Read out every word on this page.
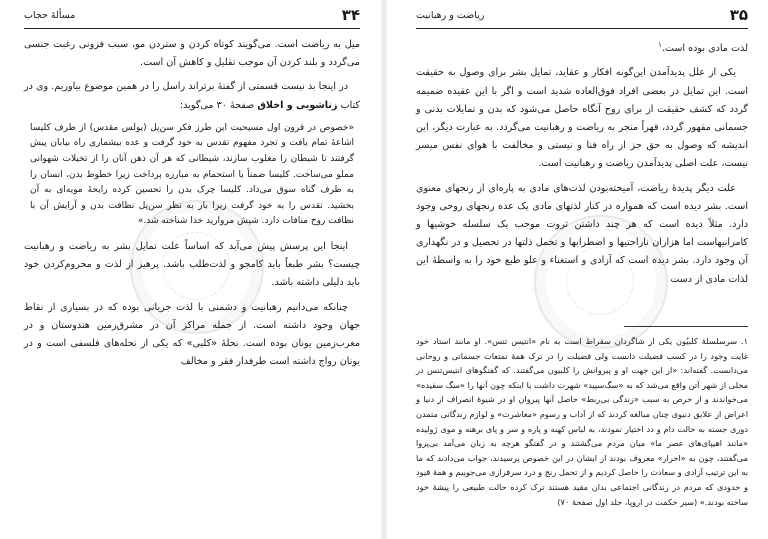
۳۴
مسألهٔ حجاب

میل به ریاضت است. می‌گویند کوتاه کردن و ستردن مو، سبب فزونی رغبت جنسی می‌گردد و بلند کردن آن موجب تقلیل و کاهش آن است.

در اینجا بد نیست قسمتی از گفتهٔ برتراند راسل را در همین موضوع بیاوریم. وی در کتاب زناشویی و اخلاق صفحهٔ ۳۰ می‌گوید:

«خصوص در قرون اول مسیحیت این طرز فکر سن‌پل (پولس مقدس) از طرف کلیسا اشاعهٔ تمام یافت و تجرد مفهوم تقدس به خود گرفت و عده بیشماری راه بیابان پیش گرفتند تا شیطان را مغلوب سازند، شیطانی که هر آن ذهن آنان را از تخیلات شهوانی مملو می‌ساخت. کلیسا ضمناً با استحمام به مبارزه پرداخت زیرا خطوط بدن، انسان را به طرف گناه سوق می‌داد. کلیسا چرک بدن را تحسین کرده رایحهٔ مویه‌ای به آن بخشید. تقدس را به خود گرفت زیرا باز به نظر سن‌پل نظافت بدن و آرایش آن با نظافت روح منافات دارد. شپش مروارید خدا شناخته شد.»

اینجا این پرسش پیش می‌آید که اساساً علت تمایل بشر به ریاضت و رهبانیت چیست؟ بشر طبعاً باید کامجو و لذت‌طلب باشد. پرهیز از لذت و محروم‌کردن خود باید دلیلی داشته باشد.

چنانکه می‌دانیم رهبانیت و دشمنی با لذت جریانی بوده که در بسیاری از نقاط جهان وجود داشته است. از جمله مراکز آن در مشرق‌زمین هندوستان و در مغرب‌زمین یونان بوده است. نحلهٔ «کلبی» که یکی از نحله‌های فلسفی است و در یونان رواج داشته است طرفدار فقر و مخالف

۳۵
ریاضت و رهبانیت

لذت مادی بوده است.$^۱$

یکی از علل پدیدآمدن این‌گونه افکار و عقاید، تمایل بشر برای وصول به حقیقت است. این تمایل در بعضی افراد فوق‌العاده شدید است و اگر با این عقیده ضمیمه گردد که کشف حقیقت از برای روح آنگاه حاصل می‌شود که بدن و تمایلات بدنی و جسمانی مقهور گردد، قهراً منجر به ریاضت و رهبانیت می‌گردد. به عبارت دیگر، این اندیشه که وصول به حق جز از راه فنا و نیستی و مخالفت با هوای نفس میسر نیست، علت اصلی پدیدآمدن ریاضت و رهبانیت است.

علت دیگر پدیدهٔ ریاضت، آمیخته‌بودن لذت‌های مادی به پاره‌ای از رنجهای معنوی است. بشر دیده است که همواره در کنار لذتهای مادی یک عده رنجهای روحی وجود دارد. مثلاً دیده است که هر چند داشتن ثروت موجب یک سلسله خوشیها و کامرانیهاست اما هزاران ناراحتیها و اضطرابها و تحمل ذلتها در تحصیل و در نگهداری آن وجود دارد. بشر دیده است که آزادی و استغناء و علو طبع خود را به واسطهٔ این لذات مادی از دست

۱. سرسلسلهٔ کلبیُون یکی از شاگردان سقراط است به نام «انتیس ‌تنس». او مانند استاد خود غایت وجود را در کسب فضیلت دانست ولی فضیلت را در ترک همهٔ تمتعات جسمانی و روحانی می‌دانست. گفته‌اند: «از این جهت او و پیروانش را کلبیون می‌گفتند. که گفتگوهای انتیس‌تنس در محلی از شهر آتن واقع می‌شد که به «سگ‌سپید» شهرت داشت یا اینکه چون آنها را «سگ سفیده» می‌خواندند و از حرص به سبب «زندگی بی‌ربط» حاصل آنها پیروان او در شیوهٔ انصراف از دنیا و اعراض از علایق دنیوی چنان مبالغه کردند که از آداب و رسوم «معاشرت» و لوازم زندگانی متمدن دوری جسته به حالت دام و دد اختیار نمودند، به لباس کهنه و پاره و سر و پای برهنه و موی ژولیده «مانند اهیپای‌های عصر ما» میان مردم می‌گشتند و در گفتگو هرچه به زبان می‌آمد بی‌پروا می‌گفتند، چون به «احرار» معروف بودند از ایشان در این خصوص پرسیدند، جواب می‌دادند که ما به این ترتیب آزادی و سعادت را حاصل کردیم و از تحمل رنج و درد سرفرازی می‌جوییم و همهٔ قیود و حدودی که مردم در زندگانی اجتماعی بدان مقید هستند ترک کرده حالت طبیعی را پیشهٔ خود ساخته بودند.» (سیر حکمت در اروپا، جلد اول صفحهٔ ۷۰)
